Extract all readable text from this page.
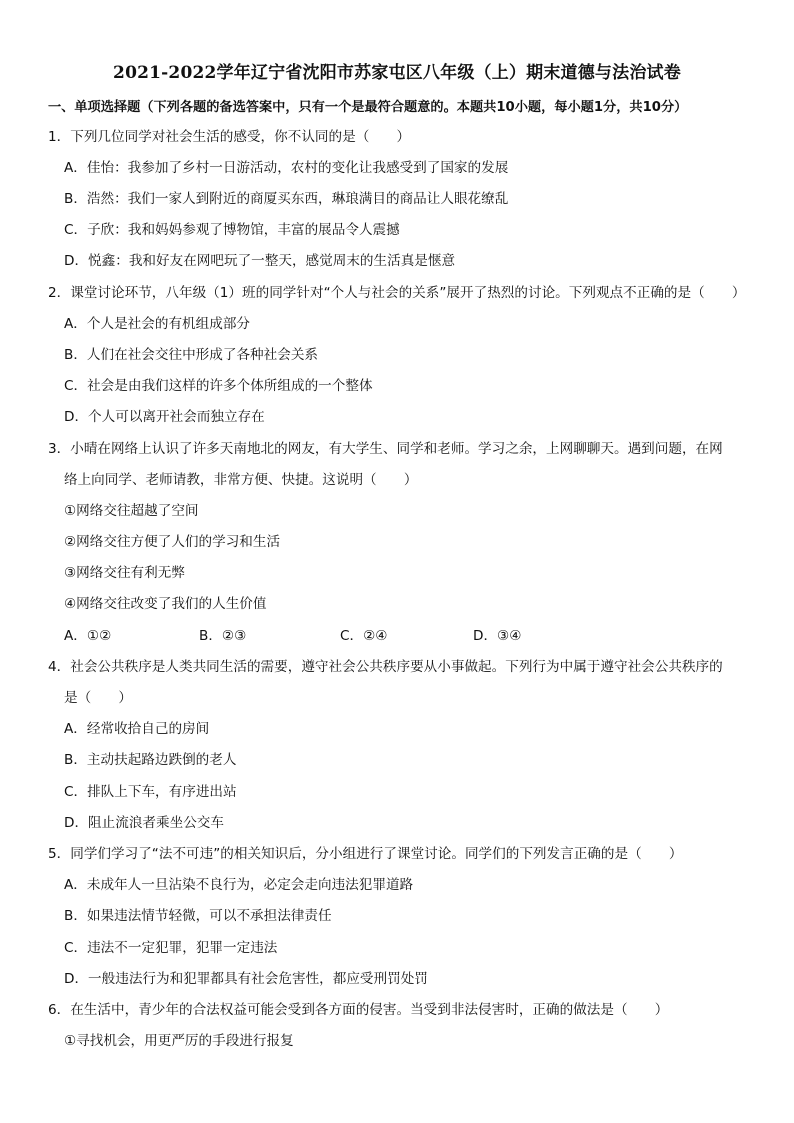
2021-2022学年辽宁省沈阳市苏家屯区八年级（上）期末道德与法治试卷
一、单项选择题（下列各题的备选答案中，只有一个是最符合题意的。本题共10小题，每小题1分，共10分）
1．下列几位同学对社会生活的感受，你不认同的是（　　）
A．佳怡：我参加了乡村一日游活动，农村的变化让我感受到了国家的发展
B．浩然：我们一家人到附近的商厦买东西，琳琅满目的商品让人眼花缭乱
C．子欣：我和妈妈参观了博物馆，丰富的展品令人震撼
D．悦鑫：我和好友在网吧玩了一整天，感觉周末的生活真是惬意
2．课堂讨论环节，八年级（1）班的同学针对“个人与社会的关系”展开了热烈的讨论。下列观点不正确的是（　　）
A．个人是社会的有机组成部分
B．人们在社会交往中形成了各种社会关系
C．社会是由我们这样的许多个体所组成的一个整体
D．个人可以离开社会而独立存在
3．小晴在网络上认识了许多天南地北的网友，有大学生、同学和老师。学习之余，上网聊聊天。遇到问题，在网
络上向同学、老师请教，非常方便、快捷。这说明（　　）
①网络交往超越了空间
②网络交往方便了人们的学习和生活
③网络交往有利无弊
④网络交往改变了我们的人生价值
A．①②	B．②③	C．②④	D．③④
4．社会公共秩序是人类共同生活的需要，遵守社会公共秩序要从小事做起。下列行为中属于遵守社会公共秩序的
是（　　）
A．经常收拾自己的房间
B．主动扶起路边跌倒的老人
C．排队上下车，有序进出站
D．阻止流浪者乘坐公交车
5．同学们学习了“法不可违”的相关知识后，分小组进行了课堂讨论。同学们的下列发言正确的是（　　）
A．未成年人一旦沾染不良行为，必定会走向违法犯罪道路
B．如果违法情节轻微，可以不承担法律责任
C．违法不一定犯罪，犯罪一定违法
D．一般违法行为和犯罪都具有社会危害性，都应受刑罚处罚
6．在生活中，青少年的合法权益可能会受到各方面的侵害。当受到非法侵害时，正确的做法是（　　）
①寻找机会，用更严厉的手段进行报复
